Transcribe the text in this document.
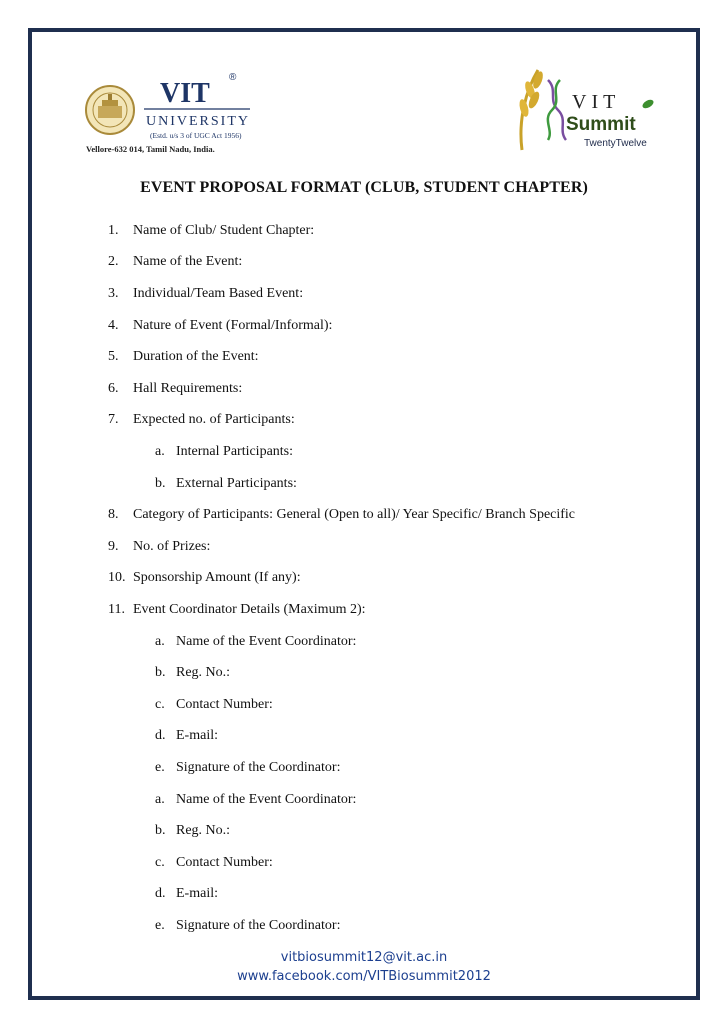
VIT
®
UNIVERSITY
(Estd. u/s 3 of UGC Act 1956)
Vellore-632 014, Tamil Nadu, India.
VIT
Summit
TwentyTwelve
EVENT PROPOSAL FORMAT (CLUB, STUDENT CHAPTER)
1. Name of Club/ Student Chapter:
2. Name of the Event:
3. Individual/Team Based Event:
4. Nature of Event (Formal/Informal):
5. Duration of the Event:
6. Hall Requirements:
7. Expected no. of Participants:
a. Internal Participants:
b. External Participants:
8. Category of Participants: General (Open to all)/ Year Specific/ Branch Specific
9. No. of Prizes:
10. Sponsorship Amount (If any):
11. Event Coordinator Details (Maximum 2):
a. Name of the Event Coordinator:
b. Reg. No.:
c. Contact Number:
d. E-mail:
e. Signature of the Coordinator:
a. Name of the Event Coordinator:
b. Reg. No.:
c. Contact Number:
d. E-mail:
e. Signature of the Coordinator:
vitbiosummit12@vit.ac.in
www.facebook.com/VITBiosummit2012
